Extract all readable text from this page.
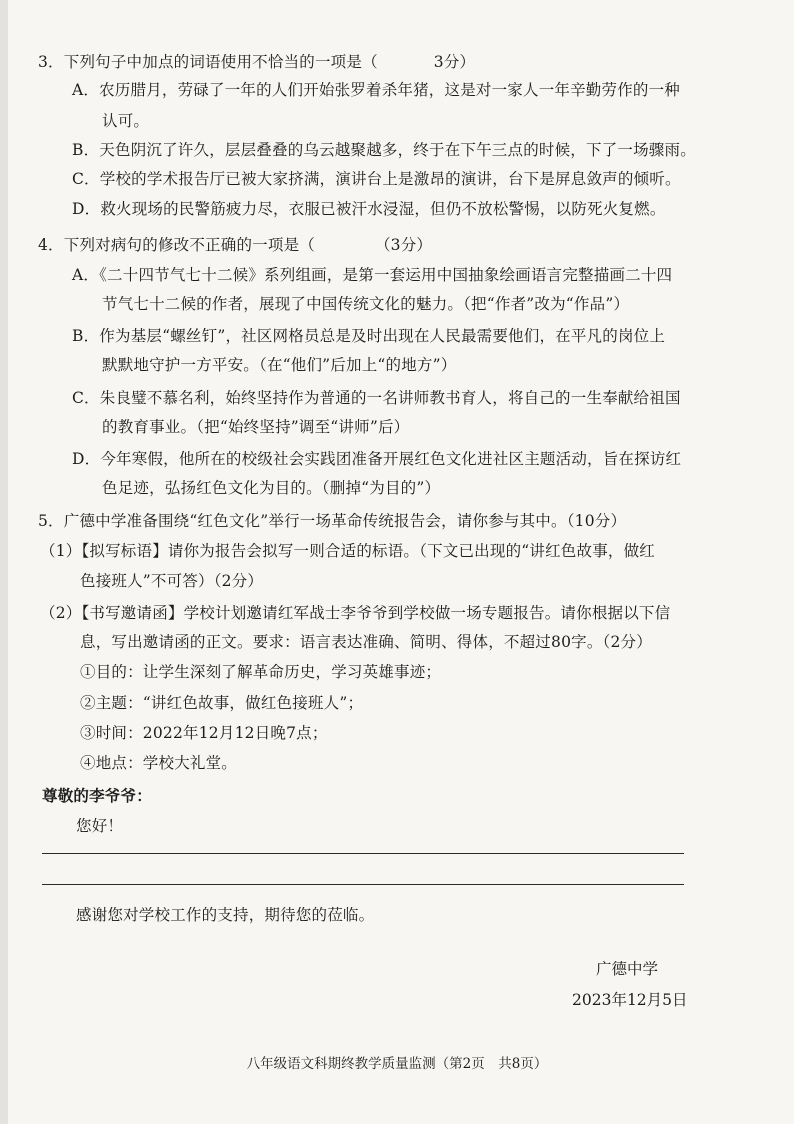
3．下列句子中加点的词语使用不恰当的一项是（	3分）
A．农历腊月，劳碌了一年的人们开始张罗着杀年猪，这是对一家人一年辛勤劳作的一种
认可。
B．天色阴沉了许久，层层叠叠的乌云越聚越多，终于在下午三点的时候，下了一场骤雨。
C．学校的学术报告厅已被大家挤满，演讲台上是激昂的演讲，台下是屏息敛声的倾听。
D．救火现场的民警筋疲力尽，衣服已被汗水浸湿，但仍不放松警惕，以防死火复燃。
4．下列对病句的修改不正确的一项是（	（3分）
A．《二十四节气七十二候》系列组画，是第一套运用中国抽象绘画语言完整描画二十四
节气七十二候的作者，展现了中国传统文化的魅力。（把“作者”改为“作品”）
B．作为基层“螺丝钉”，社区网格员总是及时出现在人民最需要他们，在平凡的岗位上
默默地守护一方平安。（在“他们”后加上“的地方”）
C．朱良璧不慕名利，始终坚持作为普通的一名讲师教书育人，将自己的一生奉献给祖国
的教育事业。（把“始终坚持”调至“讲师”后）
D．今年寒假，他所在的校级社会实践团准备开展红色文化进社区主题活动，旨在探访红
色足迹，弘扬红色文化为目的。（删掉“为目的”）
5．广德中学准备围绕“红色文化”举行一场革命传统报告会，请你参与其中。（10分）
（1）【拟写标语】请你为报告会拟写一则合适的标语。（下文已出现的“讲红色故事，做红
色接班人”不可答）（2分）
（2）【书写邀请函】学校计划邀请红军战士李爷爷到学校做一场专题报告。请你根据以下信
息，写出邀请函的正文。要求：语言表达准确、简明、得体，不超过80字。（2分）
①目的：让学生深刻了解革命历史，学习英雄事迹；
②主题：“讲红色故事，做红色接班人”；
③时间：2022年12月12日晚7点；
④地点：学校大礼堂。
尊敬的李爷爷：
您好！
感谢您对学校工作的支持，期待您的莅临。
广德中学
2023年12月5日
八年级语文科期终教学质量监测（第2页　共8页）
